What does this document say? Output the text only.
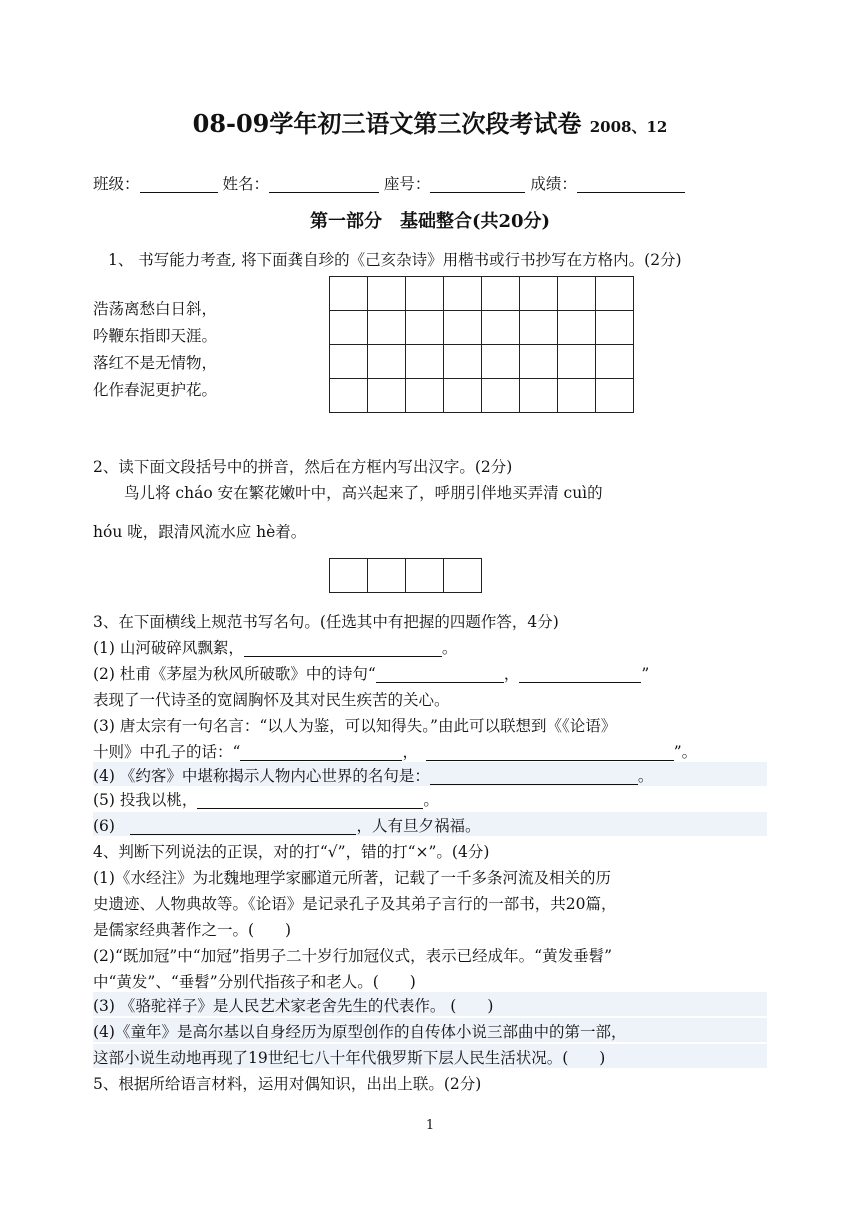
08-09学年初三语文第三次段考试卷 2008、12
班级：	姓名：	座号：	成绩：
第一部分　基础整合(共20分)
1、 书写能力考查, 将下面龚自珍的《己亥杂诗》用楷书或行书抄写在方格内。(2分)
浩荡离愁白日斜，
吟鞭东指即天涯。
落红不是无情物，
化作春泥更护花。

2、读下面文段括号中的拼音，然后在方框内写出汉字。(2分)
鸟儿将 cháo 安在繁花嫩叶中，高兴起来了，呼朋引伴地买弄清 cuì的
hóu 咙，跟清风流水应 hè着。

3、在下面横线上规范书写名句。(任选其中有把握的四题作答，4分)
(1) 山河破碎风飘絮，	。
(2) 杜甫《茅屋为秋风所破歌》中的诗句“	，	”
表现了一代诗圣的宽阔胸怀及其对民生疾苦的关心。
(3) 唐太宗有一句名言：“以人为鉴，可以知得失。”由此可以联想到《《论语》
十则》中孔子的话：“	，　	”。
(4) 《约客》中堪称揭示人物内心世界的名句是：	。
(5) 投我以桃，	。
(6)　	，人有旦夕祸福。
4、判断下列说法的正误，对的打“√”，错的打“×”。(4分)
(1)《水经注》为北魏地理学家郦道元所著，记载了一千多条河流及相关的历
史遗迹、人物典故等。《论语》是记录孔子及其弟子言行的一部书，共20篇，
是儒家经典著作之一。(　　)
(2)“既加冠”中“加冠”指男子二十岁行加冠仪式，表示已经成年。“黄发垂髫”
中“黄发”、“垂髫”分别代指孩子和老人。(　　)
(3) 《骆驼祥子》是人民艺术家老舍先生的代表作。 (　　)
(4)《童年》是高尔基以自身经历为原型创作的自传体小说三部曲中的第一部，
这部小说生动地再现了19世纪七八十年代俄罗斯下层人民生活状况。(　　)
5、根据所给语言材料，运用对偶知识，出出上联。(2分)
1
